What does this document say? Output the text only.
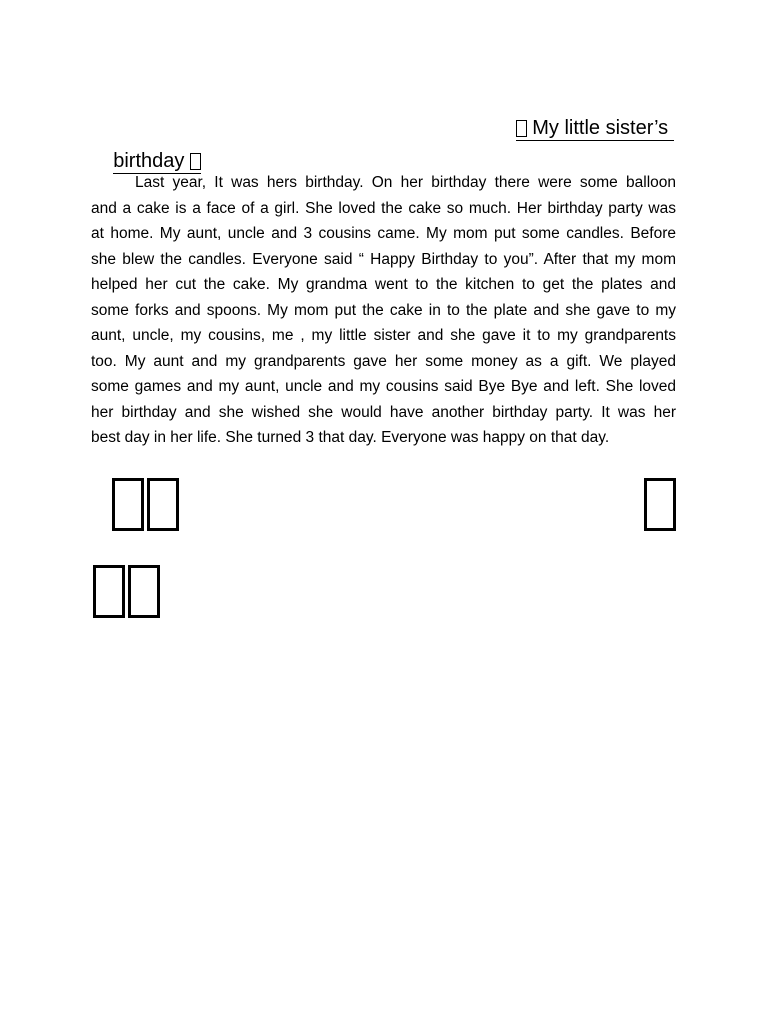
My little sister’s

birthday

Last year, It was hers birthday. On her birthday there were some balloon
and a cake is a face of a girl. She loved the cake so much. Her birthday party was
at home. My aunt, uncle and 3 cousins came. My mom put some candles. Before
she blew the candles. Everyone said “ Happy Birthday to you”. After that my mom
helped her cut the cake. My grandma went to the kitchen to get the plates and
some forks and spoons. My mom put the cake in to the plate and she gave to my
aunt, uncle, my cousins, me , my little sister and she gave it to my grandparents
too. My aunt and my grandparents gave her some money as a gift. We played
some games and my aunt, uncle and my cousins said Bye Bye and left. She loved
her birthday and she wished she would have another birthday party. It was her
best day in her life. She turned 3 that day. Everyone was happy on that day.
